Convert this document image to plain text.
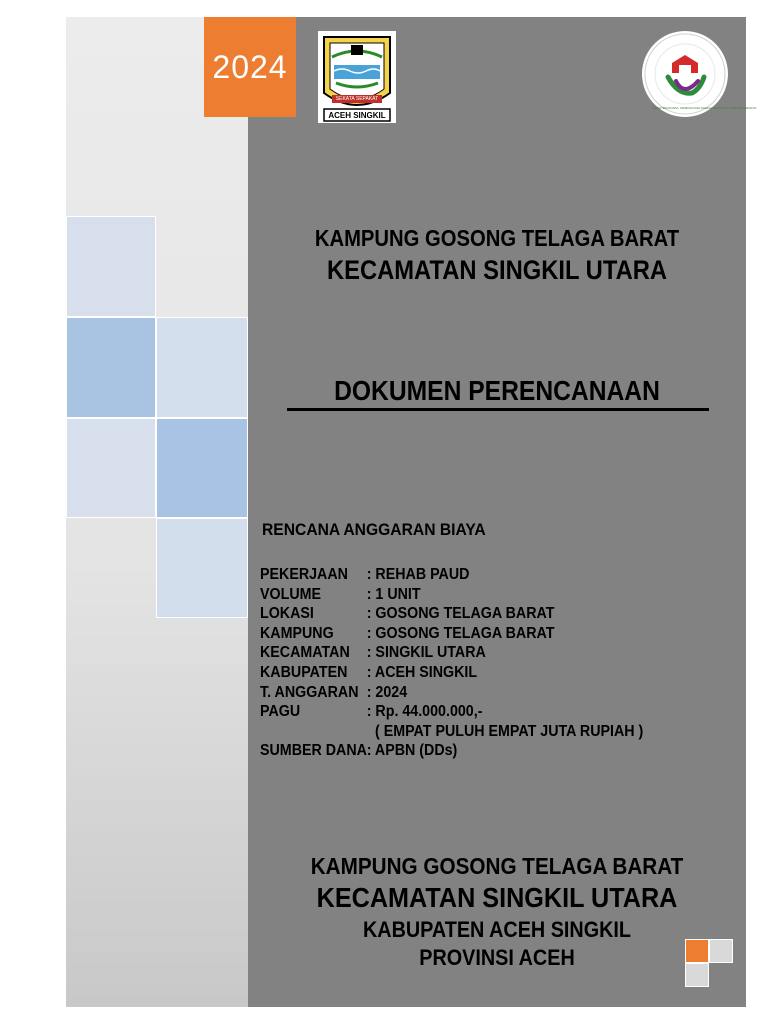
2024
SEKATA SEPAKAT
ACEH SINGKIL
KEMENTERIAN DESA, PEMBANGUNAN DAERAH TERTINGGAL, DAN TRANSMIGRASI
KAMPUNG GOSONG TELAGA BARAT
KECAMATAN SINGKIL UTARA
DOKUMEN PERENCANAAN
RENCANA ANGGARAN BIAYA
PEKERJAAN	: REHAB PAUD
VOLUME	: 1 UNIT
LOKASI	: GOSONG TELAGA BARAT
KAMPUNG	: GOSONG TELAGA BARAT
KECAMATAN	: SINGKIL UTARA
KABUPATEN	: ACEH SINGKIL
T. ANGGARAN : 2024
PAGU	: Rp. 44.000.000,-
( EMPAT PULUH EMPAT JUTA RUPIAH )
SUMBER DANA : APBN (DDs)
KAMPUNG GOSONG TELAGA BARAT
KECAMATAN SINGKIL UTARA
KABUPATEN ACEH SINGKIL
PROVINSI ACEH
